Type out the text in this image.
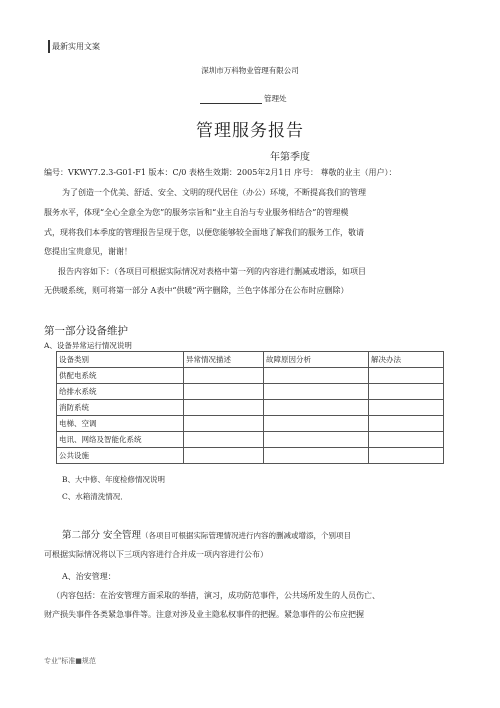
最新实用文案
深圳市万科物业管理有限公司
管理处
管理服务报告
年第季度
编号：VKWY7.2.3-G01-F1 版本：C/0 表格生效期：2005年2月1日 序号： 尊敬的业主（用户）：
为了创造一个优美、舒适、安全、文明的现代居住（办公）环境，不断提高我们的管理
服务水平，体现“全心全意全为您”的服务宗旨和“业主自治与专业服务相结合”的管理模
式，现将我们本季度的管理报告呈现于您，以便您能够较全面地了解我们的服务工作，敬请
您提出宝贵意见，谢谢！
报告内容如下：（各项目可根据实际情况对表格中第一列的内容进行删减或增添，如项目
无供暖系统，则可将第一部分 A表中“供暖”两字删除，兰色字体部分在公布时应删除）
第一部分设备维护
A、设备异常运行情况说明
设备类别	异常情况描述	故障原因分析	解决办法
供配电系统			
给排水系统			
消防系统			
电梯、空调			
电讯、网络及智能化系统			
公共设施			
B、大中修、年度检修情况说明
C、水箱清洗情况．
第二部分 安全管理（各项目可根据实际管理情况进行内容的删减或增添，个别项目
可根据实际情况将以下三项内容进行合并成一项内容进行公布）
A、治安管理：
（内容包括：在治安管理方面采取的举措，演习，成功防范事件，公共场所发生的人员伤亡、
财产损失事件各类紧急事件等。注意对涉及业主隐私权事件的把握。紧急事件的公布应把握
专业"标准■规范
